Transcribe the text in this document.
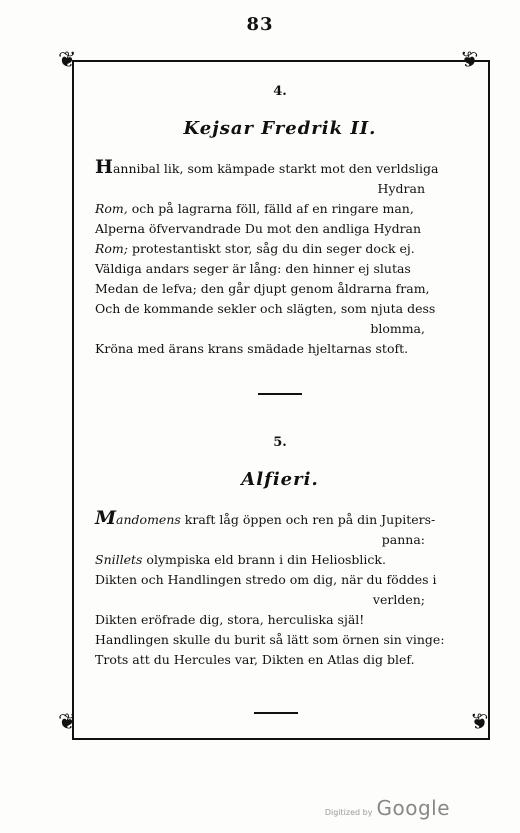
83
❦	❦
❦	❦
4.
Kejsar Fredrik II.
Hannibal lik, som kämpade starkt mot den verldsliga
Hydran
Rom, och på lagrarna föll, fälld af en ringare man,
Alperna öfvervandrade Du mot den andliga Hydran
Rom; protestantiskt stor, såg du din seger dock ej.
Väldiga andars seger är lång: den hinner ej slutas
Medan de lefva; den går djupt genom åldrarna fram,
Och de kommande sekler och slägten, som njuta dess
blomma,
Kröna med ärans krans smädade hjeltarnas stoft.
5.
Alfieri.
Mandomens kraft låg öppen och ren på din Jupiters-
panna:
Snillets olympiska eld brann i din Heliosblick.
Dikten och Handlingen stredo om dig, när du föddes i
verlden;
Dikten eröfrade dig, stora, herculiska själ!
Handlingen skulle du burit så lätt som örnen sin vinge:
Trots att du Hercules var, Dikten en Atlas dig blef.
Digitized by Google
